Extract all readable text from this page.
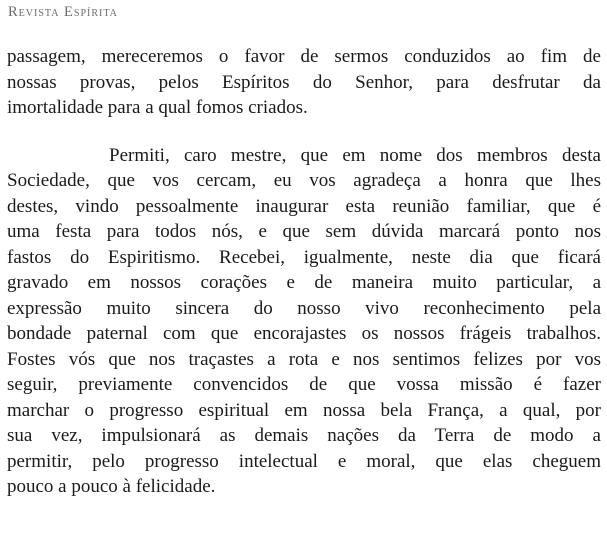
Revista Espírita

passagem, mereceremos o favor de sermos conduzidos ao fim de

nossas provas, pelos Espíritos do Senhor, para desfrutar da

imortalidade para a qual fomos criados.

Permiti, caro mestre, que em nome dos membros desta

Sociedade, que vos cercam, eu vos agradeça a honra que lhes

destes, vindo pessoalmente inaugurar esta reunião familiar, que é

uma festa para todos nós, e que sem dúvida marcará ponto nos

fastos do Espiritismo. Recebei, igualmente, neste dia que ficará

gravado em nossos corações e de maneira muito particular, a

expressão muito sincera do nosso vivo reconhecimento pela

bondade paternal com que encorajastes os nossos frágeis trabalhos.

Fostes vós que nos traçastes a rota e nos sentimos felizes por vos

seguir, previamente convencidos de que vossa missão é fazer

marchar o progresso espiritual em nossa bela França, a qual, por

sua vez, impulsionará as demais nações da Terra de modo a

permitir, pelo progresso intelectual e moral, que elas cheguem

pouco a pouco à felicidade.
